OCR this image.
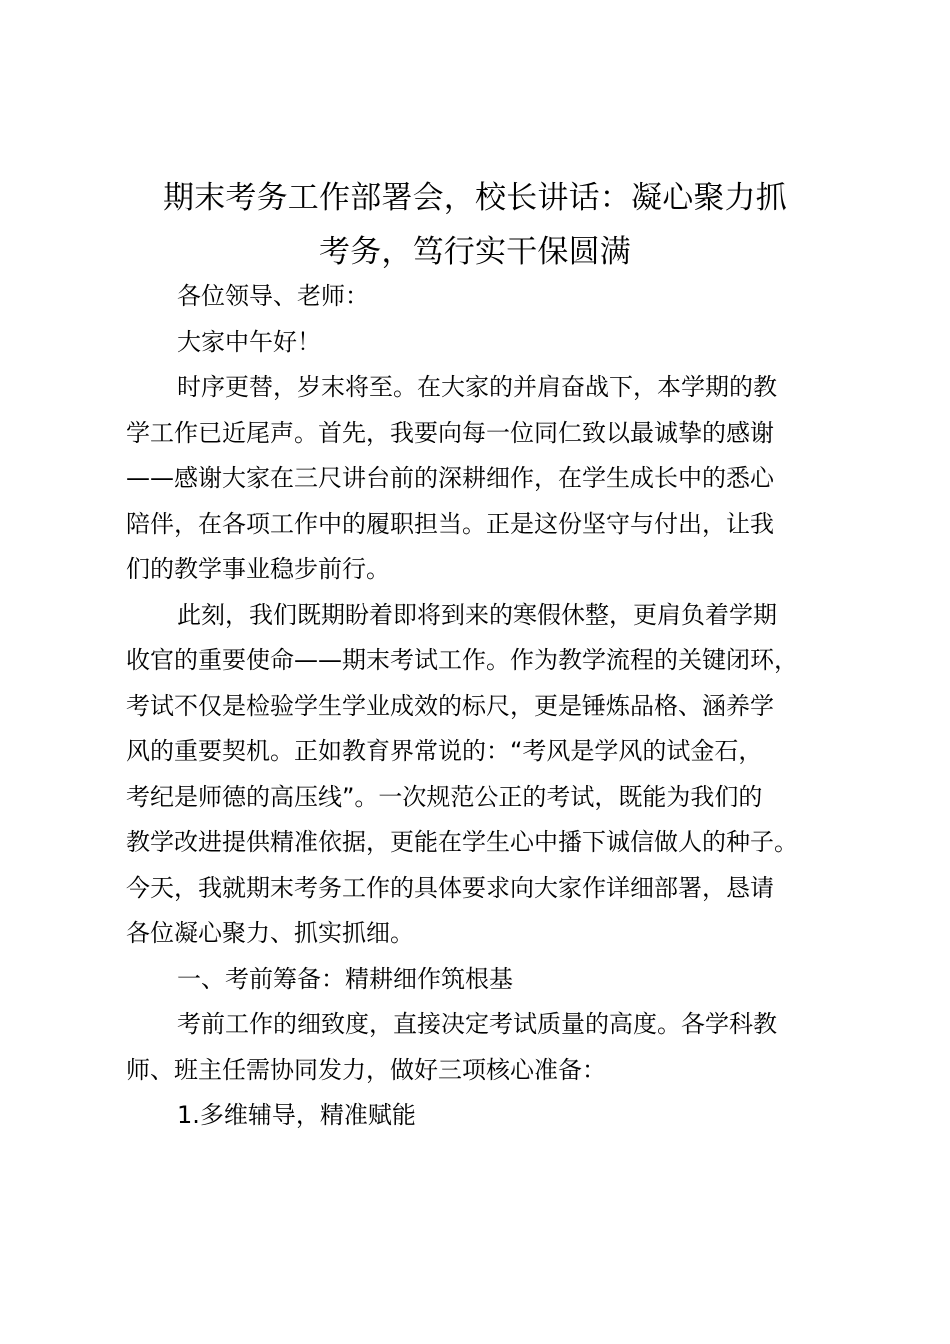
期末考务工作部署会，校长讲话：凝心聚力抓
考务，笃行实干保圆满
各位领导、老师：
大家中午好！
时序更替，岁末将至。在大家的并肩奋战下，本学期的教
学工作已近尾声。首先，我要向每一位同仁致以最诚挚的感谢
——感谢大家在三尺讲台前的深耕细作，在学生成长中的悉心
陪伴，在各项工作中的履职担当。正是这份坚守与付出，让我
们的教学事业稳步前行。
此刻，我们既期盼着即将到来的寒假休整，更肩负着学期
收官的重要使命——期末考试工作。作为教学流程的关键闭环，
考试不仅是检验学生学业成效的标尺，更是锤炼品格、涵养学
风的重要契机。正如教育界常说的：“考风是学风的试金石，
考纪是师德的高压线”。一次规范公正的考试，既能为我们的
教学改进提供精准依据，更能在学生心中播下诚信做人的种子。
今天，我就期末考务工作的具体要求向大家作详细部署，恳请
各位凝心聚力、抓实抓细。
一、考前筹备：精耕细作筑根基
考前工作的细致度，直接决定考试质量的高度。各学科教
师、班主任需协同发力，做好三项核心准备：
1.多维辅导，精准赋能
